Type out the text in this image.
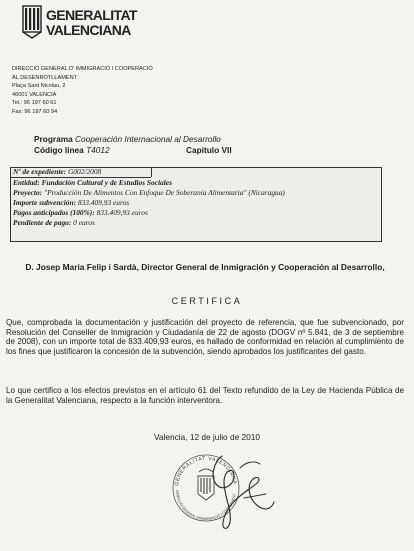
GENERALITAT
VALENCIANA
DIRECCIÓ GENERAL D' IMMIGRACIÓ I COOPERACIÓ
AL DESENROTLLAMENT
Plaça Sant Nicolau, 2
46001 VALENCIA
Tel.: 96 197 60 61
Fax: 96 197 60 94
Programa Cooperación Internacional al Desarrollo
Código línea T4012	Capítulo VII
Nº de expediente: G002/2008
Entidad: Fundación Cultural y de Estudios Sociales
Proyecto: "Producción De Alimentos Con Enfoque De Soberanía Alimentaria" (Nicaragua)
Importe subvención: 833.409,93 euros
Pagos anticipados (100%): 833.409,93 euros
Pendiente de pago: 0 euros
D. Josep Maria Felip i Sardà, Director General de Inmigración y Cooperación al Desarrollo,
CERTIFICA
Que, comprobada la documentación y justificación del proyecto de referencia, que fue subvencionado, por Resolución del Conseller de Inmigración y Ciudadanía de 22 de agosto (DOGV nº 5.841, de 3 de septiembre de 2008), con un importe total de 833.409,93 euros, es hallado de conformidad en relación al cumplimiento de los fines que justificaron la concesión de la subvención, siendo aprobados los justificantes del gasto.
Lo que certifico a los efectos previstos en el artículo 61 del Texto refundido de la Ley de Hacienda Pública de la Generalitat Valenciana, respecto a la función interventora.
Valencia, 12 de julio de 2010
GENERALITAT VALENCIANA
DIRECCIÓ GENERAL D'IMMIGRACIÓ I COOPERACIÓ
